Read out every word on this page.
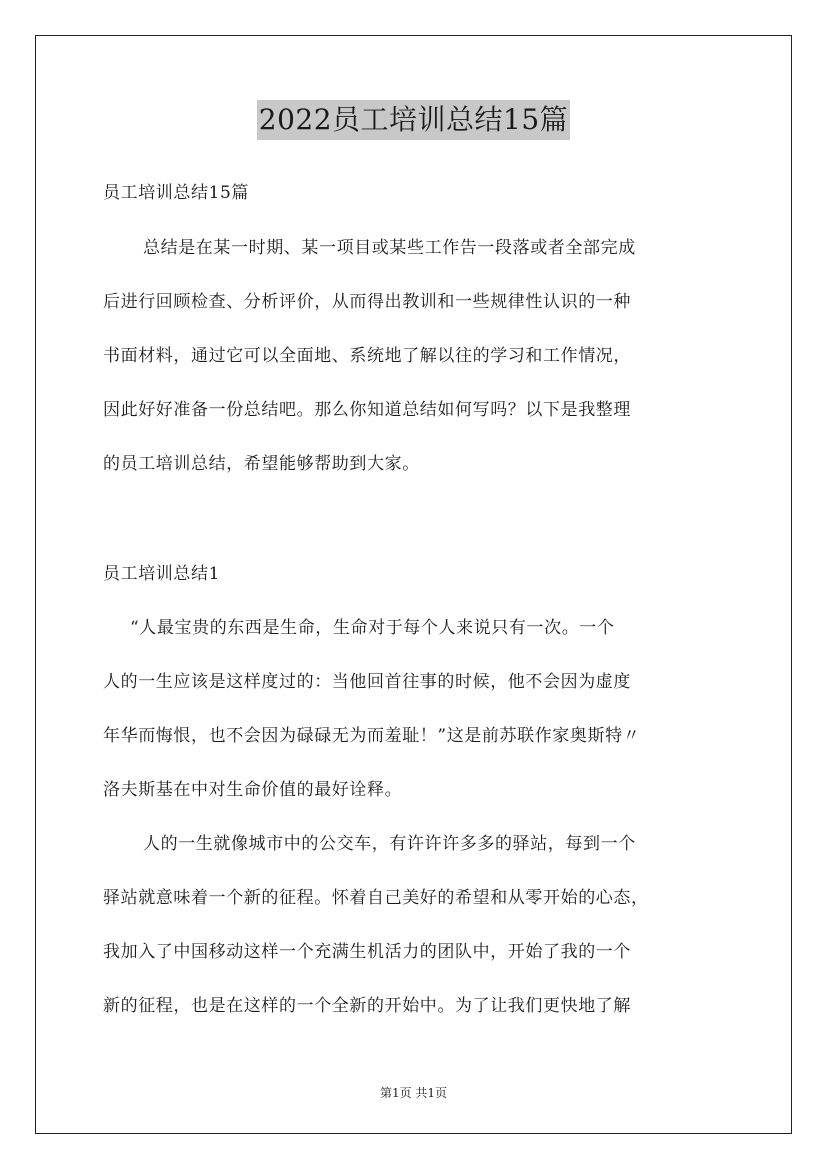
2022员工培训总结15篇
员工培训总结15篇
总结是在某一时期、某一项目或某些工作告一段落或者全部完成
后进行回顾检查、分析评价，从而得出教训和一些规律性认识的一种
书面材料，通过它可以全面地、系统地了解以往的学习和工作情况，
因此好好准备一份总结吧。那么你知道总结如何写吗？以下是我整理
的员工培训总结，希望能够帮助到大家。
员工培训总结1
“人最宝贵的东西是生命，生命对于每个人来说只有一次。一个
人的一生应该是这样度过的：当他回首往事的时候，他不会因为虚度
年华而悔恨，也不会因为碌碌无为而羞耻！”这是前苏联作家奥斯特〃
洛夫斯基在中对生命价值的最好诠释。
人的一生就像城市中的公交车，有许许许多多的驿站，每到一个
驿站就意味着一个新的征程。怀着自己美好的希望和从零开始的心态，
我加入了中国移动这样一个充满生机活力的团队中，开始了我的一个
新的征程，也是在这样的一个全新的开始中。为了让我们更快地了解
第1页 共1页
